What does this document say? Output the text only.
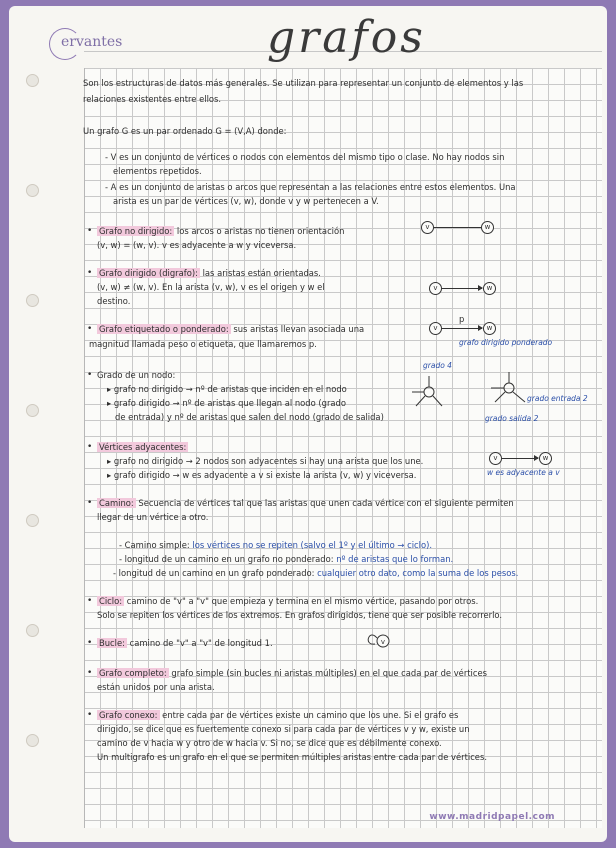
ervantes	grafos
Son los estructuras de datos más generales. Se utilizan para representar un conjunto de elementos y las
relaciones existentes entre ellos.
Un grafo G es un par ordenado G = (V,A) donde:
- V es un conjunto de vértices o nodos con elementos del mismo tipo o clase. No hay nodos sin
elementos repetidos.
- A es un conjunto de aristas o arcos que representan a las relaciones entre estos elementos. Una
arista es un par de vértices (v, w), donde v y w pertenecen a V.
• Grafo no dirigido: los arcos o aristas no tienen orientación
(v, w) = (w, v). v es adyacente a w y viceversa.
v	w
• Grafo dirigido (digrafo): las aristas están orientadas.
(v, w) ≠ (w, v). En la arista (v, w), v es el origen y w el
destino.
v	w
• Grafo etiquetado o ponderado: sus aristas llevan asociada una
magnitud llamada peso o etiqueta, que llamaremos p.
v
p
w
grafo dirigido ponderado
• Grado de un nodo:
▸ grafo no dirigido → nº de aristas que inciden en el nodo
▸ grafo dirigido → nº de aristas que llegan al nodo (grado
de entrada) y nº de aristas que salen del nodo (grado de salida)
grado 4
grado entrada 2
grado salida 2
• Vértices adyacentes:
▸ grafo no dirigido → 2 nodos son adyacentes si hay una arista que los une.
▸ grafo dirigido → w es adyacente a v si existe la arista (v, w) y viceversa.
v	w
w es adyacente a v
• Camino: Secuencia de vértices tal que las aristas que unen cada vértice con el siguiente permiten
llegar de un vértice a otro.
- Camino simple: los vértices no se repiten (salvo el 1º y el último → ciclo).
- longitud de un camino en un grafo no ponderado: nº de aristas que lo forman.
- longitud de un camino en un grafo ponderado: cualquier otro dato, como la suma de los pesos.
• Ciclo: camino de "v" a "v" que empieza y termina en el mismo vértice, pasando por otros.
Solo se repiten los vértices de los extremos. En grafos dirigidos, tiene que ser posible recorrerlo.
• Bucle: camino de "v" a "v" de longitud 1.	v
• Grafo completo: grafo simple (sin bucles ni aristas múltiples) en el que cada par de vértices
están unidos por una arista.
• Grafo conexo: entre cada par de vértices existe un camino que los une. Si el grafo es
dirigido, se dice que es fuertemente conexo si para cada par de vértices v y w, existe un
camino de v hacia w y otro de w hacia v. Si no, se dice que es débilmente conexo.
Un multigrafo es un grafo en el que se permiten múltiples aristas entre cada par de vértices.
www.madridpapel.com
